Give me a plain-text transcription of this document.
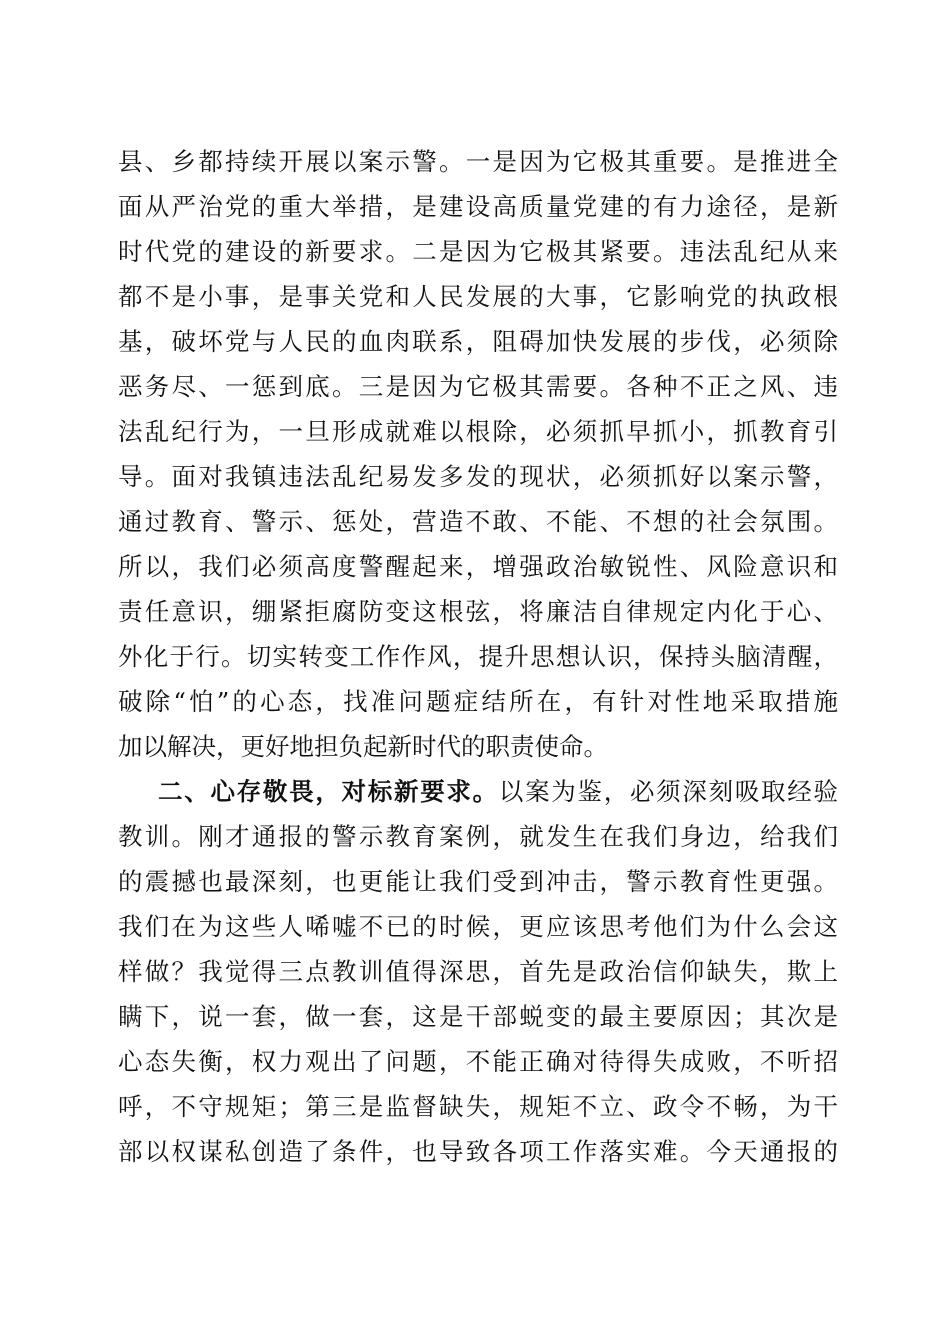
县、乡都持续开展以案示警。一是因为它极其重要。是推进全
面从严治党的重大举措，是建设高质量党建的有力途径，是新
时代党的建设的新要求。二是因为它极其紧要。违法乱纪从来
都不是小事，是事关党和人民发展的大事，它影响党的执政根
基，破坏党与人民的血肉联系，阻碍加快发展的步伐，必须除
恶务尽、一惩到底。三是因为它极其需要。各种不正之风、违
法乱纪行为，一旦形成就难以根除，必须抓早抓小，抓教育引
导。面对我镇违法乱纪易发多发的现状，必须抓好以案示警，
通过教育、警示、惩处，营造不敢、不能、不想的社会氛围。
所以，我们必须高度警醒起来，增强政治敏锐性、风险意识和
责任意识，绷紧拒腐防变这根弦，将廉洁自律规定内化于心、
外化于行。切实转变工作作风，提升思想认识，保持头脑清醒，
破除“怕”的心态，找准问题症结所在，有针对性地采取措施
加以解决，更好地担负起新时代的职责使命。
二、心存敬畏，对标新要求。以案为鉴，必须深刻吸取经验
教训。刚才通报的警示教育案例，就发生在我们身边，给我们
的震撼也最深刻，也更能让我们受到冲击，警示教育性更强。
我们在为这些人唏嘘不已的时候，更应该思考他们为什么会这
样做？我觉得三点教训值得深思，首先是政治信仰缺失，欺上
瞒下，说一套，做一套，这是干部蜕变的最主要原因；其次是
心态失衡，权力观出了问题，不能正确对待得失成败，不听招
呼，不守规矩；第三是监督缺失，规矩不立、政令不畅，为干
部以权谋私创造了条件，也导致各项工作落实难。今天通报的
